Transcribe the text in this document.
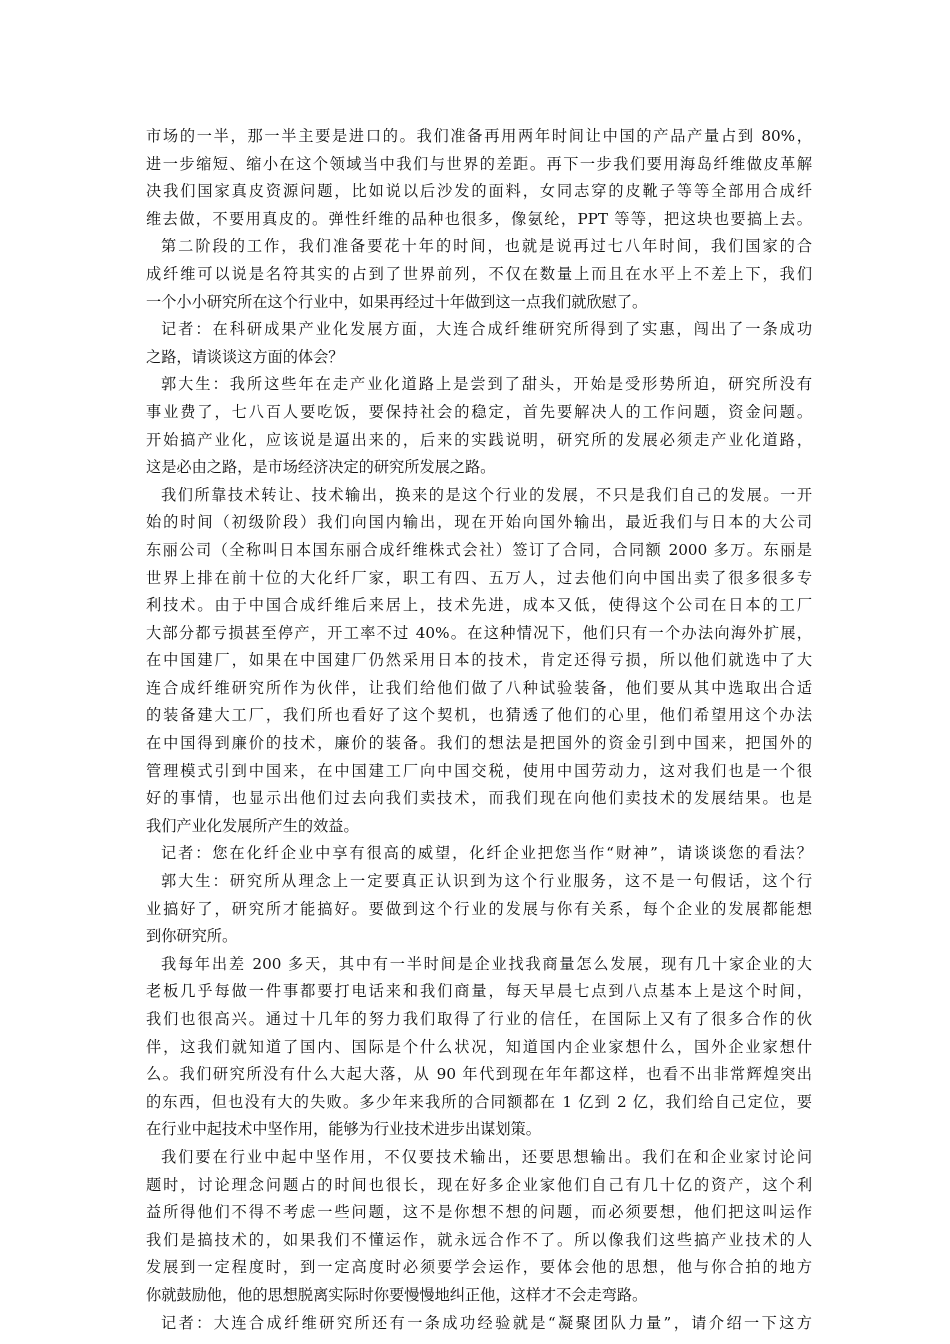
市场的一半，那一半主要是进口的。我们准备再用两年时间让中国的产品产量占到 80%，
进一步缩短、缩小在这个领域当中我们与世界的差距。再下一步我们要用海岛纤维做皮革解
决我们国家真皮资源问题，比如说以后沙发的面料，女同志穿的皮靴子等等全部用合成纤
维去做，不要用真皮的。弹性纤维的品种也很多，像氨纶，PPT 等等，把这块也要搞上去。
第二阶段的工作，我们准备要花十年的时间，也就是说再过七八年时间，我们国家的合
成纤维可以说是名符其实的占到了世界前列，不仅在数量上而且在水平上不差上下，我们
一个小小研究所在这个行业中，如果再经过十年做到这一点我们就欣慰了。
记者：在科研成果产业化发展方面，大连合成纤维研究所得到了实惠，闯出了一条成功
之路，请谈谈这方面的体会？
郭大生：我所这些年在走产业化道路上是尝到了甜头，开始是受形势所迫，研究所没有
事业费了，七八百人要吃饭，要保持社会的稳定，首先要解决人的工作问题，资金问题。
开始搞产业化，应该说是逼出来的，后来的实践说明，研究所的发展必须走产业化道路，
这是必由之路，是市场经济决定的研究所发展之路。
我们所靠技术转让、技术输出，换来的是这个行业的发展，不只是我们自己的发展。一开
始的时间（初级阶段）我们向国内输出，现在开始向国外输出，最近我们与日本的大公司
东丽公司（全称叫日本国东丽合成纤维株式会社）签订了合同，合同额 2000 多万。东丽是
世界上排在前十位的大化纤厂家，职工有四、五万人，过去他们向中国出卖了很多很多专
利技术。由于中国合成纤维后来居上，技术先进，成本又低，使得这个公司在日本的工厂
大部分都亏损甚至停产，开工率不过 40%。在这种情况下，他们只有一个办法向海外扩展，
在中国建厂，如果在中国建厂仍然采用日本的技术，肯定还得亏损，所以他们就选中了大
连合成纤维研究所作为伙伴，让我们给他们做了八种试验装备，他们要从其中选取出合适
的装备建大工厂，我们所也看好了这个契机，也猜透了他们的心里，他们希望用这个办法
在中国得到廉价的技术，廉价的装备。我们的想法是把国外的资金引到中国来，把国外的
管理模式引到中国来，在中国建工厂向中国交税，使用中国劳动力，这对我们也是一个很
好的事情，也显示出他们过去向我们卖技术，而我们现在向他们卖技术的发展结果。也是
我们产业化发展所产生的效益。
记者：您在化纤企业中享有很高的威望，化纤企业把您当作“财神”，请谈谈您的看法？
郭大生：研究所从理念上一定要真正认识到为这个行业服务，这不是一句假话，这个行
业搞好了，研究所才能搞好。要做到这个行业的发展与你有关系，每个企业的发展都能想
到你研究所。
我每年出差 200 多天，其中有一半时间是企业找我商量怎么发展，现有几十家企业的大
老板几乎每做一件事都要打电话来和我们商量，每天早晨七点到八点基本上是这个时间，
我们也很高兴。通过十几年的努力我们取得了行业的信任，在国际上又有了很多合作的伙
伴，这我们就知道了国内、国际是个什么状况，知道国内企业家想什么，国外企业家想什
么。我们研究所没有什么大起大落，从 90 年代到现在年年都这样，也看不出非常辉煌突出
的东西，但也没有大的失败。多少年来我所的合同额都在 1 亿到 2 亿，我们给自己定位，要
在行业中起技术中坚作用，能够为行业技术进步出谋划策。
我们要在行业中起中坚作用，不仅要技术输出，还要思想输出。我们在和企业家讨论问
题时，讨论理念问题占的时间也很长，现在好多企业家他们自己有几十亿的资产，这个利
益所得他们不得不考虑一些问题，这不是你想不想的问题，而必须要想，他们把这叫运作
我们是搞技术的，如果我们不懂运作，就永远合作不了。所以像我们这些搞产业技术的人
发展到一定程度时，到一定高度时必须要学会运作，要体会他的思想，他与你合拍的地方
你就鼓励他，他的思想脱离实际时你要慢慢地纠正他，这样才不会走弯路。
记者：大连合成纤维研究所还有一条成功经验就是“凝聚团队力量”，请介绍一下这方
